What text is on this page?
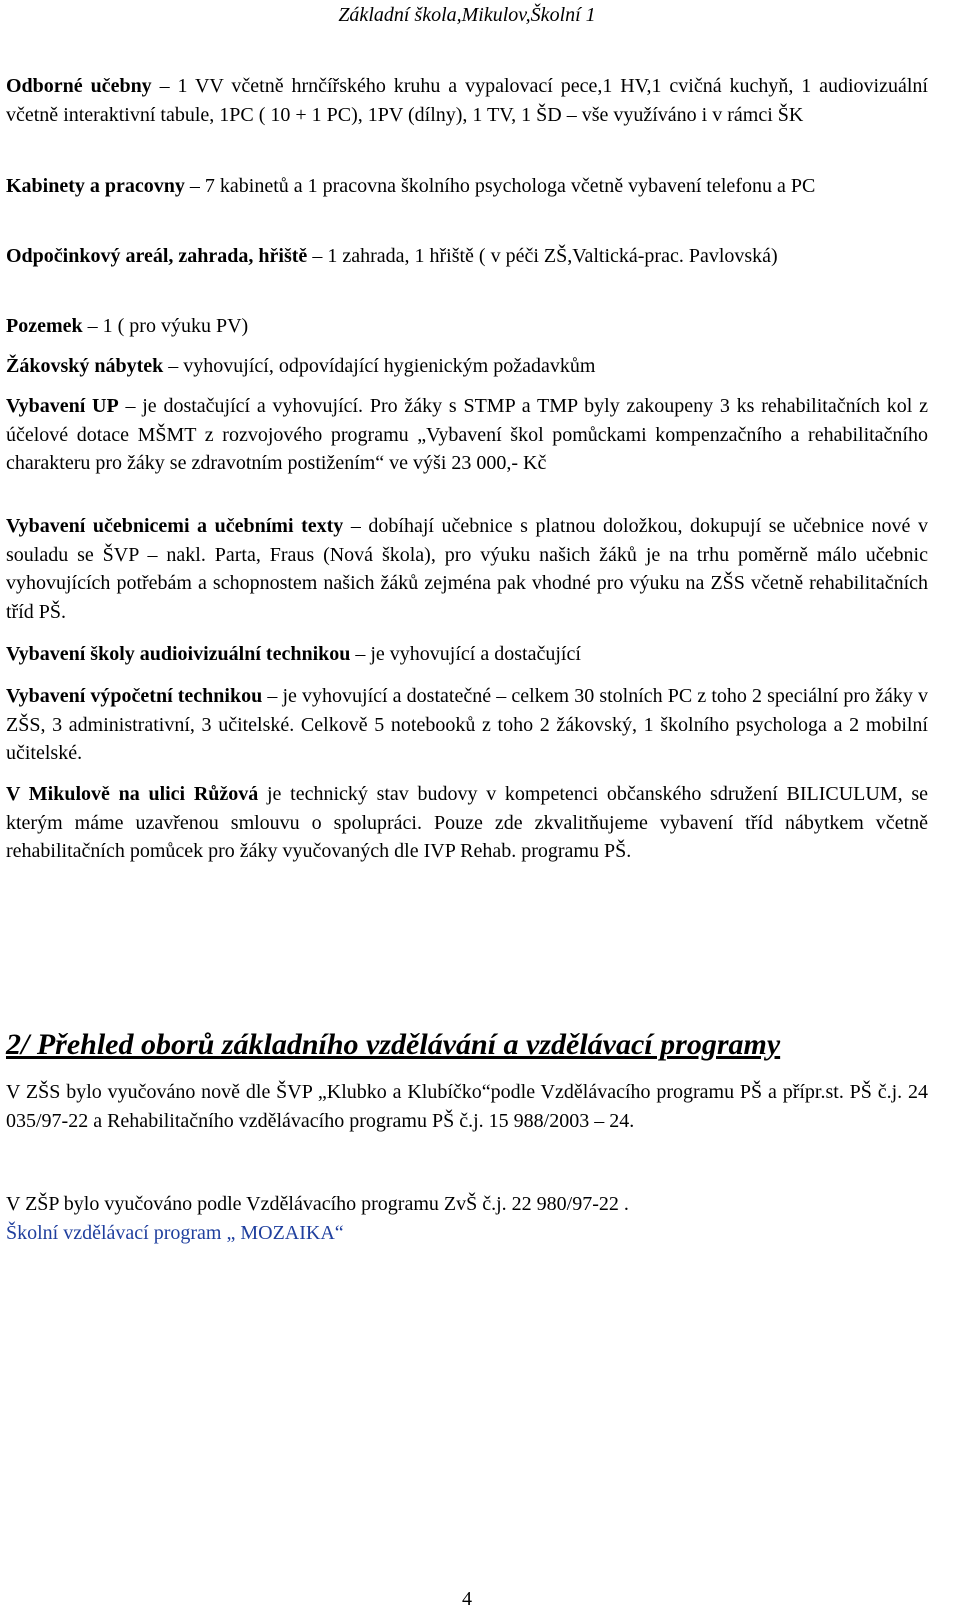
Základní škola,Mikulov,Školní 1
Odborné učebny – 1 VV včetně hrnčířského kruhu a vypalovací pece,1 HV,1 cvičná kuchyň, 1 audiovizuální včetně interaktivní tabule, 1PC ( 10 + 1 PC), 1PV (dílny), 1 TV, 1 ŠD – vše využíváno i v rámci ŠK
Kabinety a pracovny – 7 kabinetů a 1 pracovna školního psychologa včetně vybavení telefonu a PC
Odpočinkový areál, zahrada, hřiště – 1 zahrada, 1 hřiště ( v péči ZŠ,Valtická-prac. Pavlovská)
Pozemek – 1 ( pro výuku PV)
Žákovský nábytek – vyhovující, odpovídající hygienickým požadavkům
Vybavení UP – je dostačující a vyhovující. Pro žáky s STMP a TMP byly zakoupeny 3 ks rehabilitačních kol z účelové dotace MŠMT z rozvojového programu „Vybavení škol pomůckami kompenzačního a rehabilitačního charakteru pro žáky se zdravotním postižením“ ve výši 23 000,- Kč
Vybavení učebnicemi a učebními texty – dobíhají učebnice s platnou doložkou, dokupují se učebnice nové v souladu se ŠVP – nakl. Parta, Fraus (Nová škola), pro výuku našich žáků je na trhu poměrně málo učebnic vyhovujících potřebám a schopnostem našich žáků zejména pak vhodné pro výuku na ZŠS včetně rehabilitačních tříd PŠ.
Vybavení školy audioivizuální technikou – je vyhovující a dostačující
Vybavení výpočetní technikou – je vyhovující a dostatečné – celkem 30 stolních PC z toho 2 speciální pro žáky v ZŠS, 3 administrativní, 3 učitelské. Celkově 5 notebooků z toho 2 žákovský, 1 školního psychologa a 2 mobilní učitelské.
V Mikulově na ulici Růžová je technický stav budovy v kompetenci občanského sdružení BILICULUM, se kterým máme uzavřenou smlouvu o spolupráci. Pouze zde zkvalitňujeme vybavení tříd nábytkem včetně rehabilitačních pomůcek pro žáky vyučovaných dle IVP Rehab. programu PŠ.
2/ Přehled oborů základního vzdělávání a vzdělávací programy
V ZŠS bylo vyučováno nově dle ŠVP „Klubko a Klubíčko“podle Vzdělávacího programu PŠ a přípr.st. PŠ č.j. 24 035/97-22 a Rehabilitačního vzdělávacího programu PŠ č.j. 15 988/2003 – 24.
V ZŠP bylo vyučováno podle Vzdělávacího programu ZvŠ č.j. 22 980/97-22 .
Školní vzdělávací program „ MOZAIKA“
4
